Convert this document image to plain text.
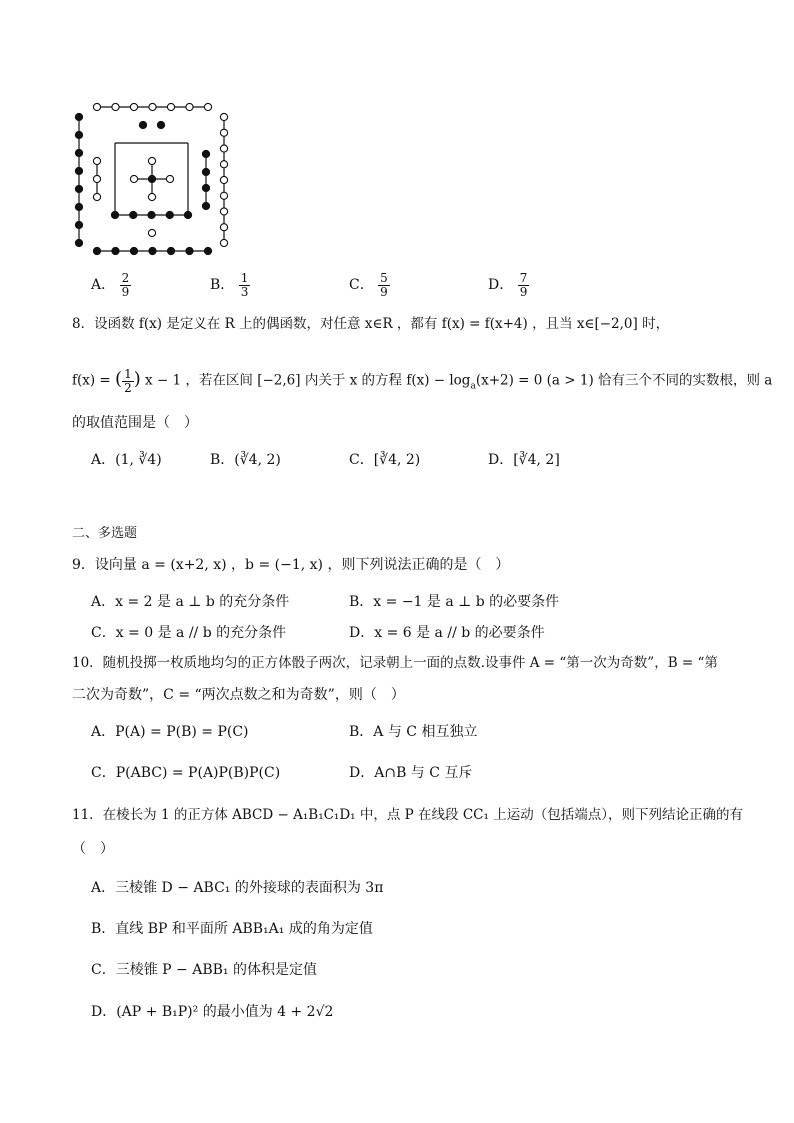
A． $\frac{2}{9}$	B． $\frac{1}{3}$	C． $\frac{5}{9}$	D． $\frac{7}{9}$
8．设函数 f(x) 是定义在 R 上的偶函数，对任意 x∈R ，都有 f(x) = f(x+4) ，且当 x∈[−2,0] 时，
f(x) = ( $\frac{1}{2}$ ) x − 1 ，若在区间 [−2,6] 内关于 x 的方程 $f(x) - \log_a(x+2) = 0$ (a > 1) 恰有三个不同的实数根，则 a
的取值范围是（　）
A．(1, ∛4)	B．(∛4, 2)	C．[∛4, 2)	D．[∛4, 2]
二、多选题
9．设向量 a = (x+2, x) ，b = (−1, x) ，则下列说法正确的是（　）
A．x = 2 是 a ⊥ b 的充分条件	B．x = −1 是 a ⊥ b 的必要条件
C．x = 0 是 a // b 的充分条件	D．x = 6 是 a // b 的必要条件
10．随机投掷一枚质地均匀的正方体骰子两次，记录朝上一面的点数.设事件 A = “第一次为奇数”，B = “第
二次为奇数”，C = “两次点数之和为奇数”，则（　）
A．P(A) = P(B) = P(C)	B．A 与 C 相互独立
C．P(ABC) = P(A)P(B)P(C)	D．A∩B 与 C 互斥
11．在棱长为 1 的正方体 ABCD − A₁B₁C₁D₁ 中，点 P 在线段 CC₁ 上运动（包括端点），则下列结论正确的有
（　）
A．三棱锥 D − ABC₁ 的外接球的表面积为 3π
B．直线 BP 和平面所 ABB₁A₁ 成的角为定值
C．三棱锥 P − ABB₁ 的体积是定值
D．(AP + B₁P)² 的最小值为 4 + 2√2
